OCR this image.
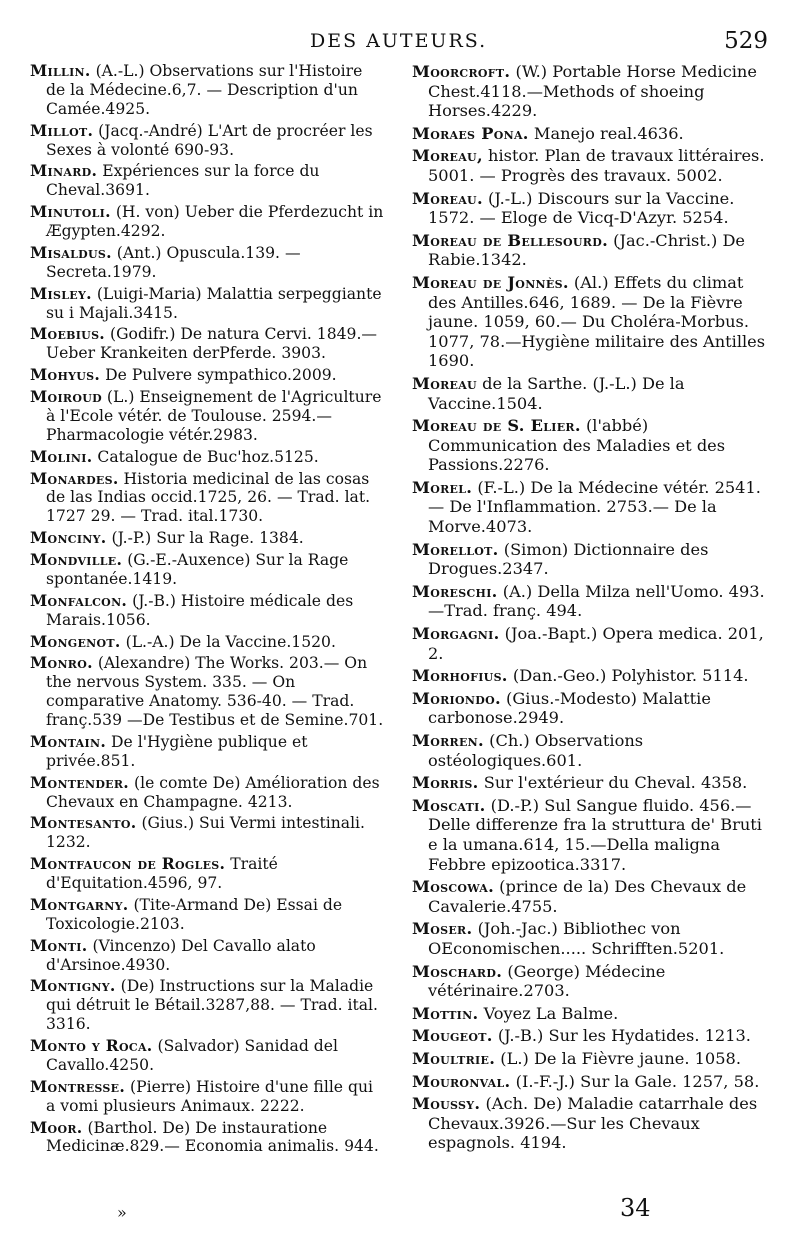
DES AUTEURS.	529

Millin. (A.-L.) Observations sur l'Histoire de la Médecine.6,7. — Description d'un Camée.4925.

Millot. (Jacq.-André) L'Art de procréer les Sexes à volonté 690-93.

Minard. Expériences sur la force du Cheval.3691.

Minutoli. (H. von) Ueber die Pferdezucht in Ægypten.4292.

Misaldus. (Ant.) Opuscula.139. — Secreta.1979.

Misley. (Luigi-Maria) Malattia serpeggiante su i Majali.3415.

Moebius. (Godifr.) De natura Cervi. 1849.—Ueber Krankeiten derPferde. 3903.

Mohyus. De Pulvere sympathico.2009.

Moiroud (L.) Enseignement de l'Agriculture à l'Ecole vétér. de Toulouse. 2594.—Pharmacologie vétér.2983.

Molini. Catalogue de Buc'hoz.5125.

Monardes. Historia medicinal de las cosas de las Indias occid.1725, 26. — Trad. lat. 1727 29. — Trad. ital.1730.

Monciny. (J.-P.) Sur la Rage. 1384.

Mondville. (G.-E.-Auxence) Sur la Rage spontanée.1419.

Monfalcon. (J.-B.) Histoire médicale des Marais.1056.

Mongenot. (L.-A.) De la Vaccine.1520.

Monro. (Alexandre) The Works. 203.— On the nervous System. 335. — On comparative Anatomy. 536-40. — Trad. franç.539 —De Testibus et de Semine.701.

Montain. De l'Hygiène publique et privée.851.

Montender. (le comte De) Amélioration des Chevaux en Champagne. 4213.

Montesanto. (Gius.) Sui Vermi intestinali. 1232.

Montfaucon de Rogles. Traité d'Equitation.4596, 97.

Montgarny. (Tite-Armand De) Essai de Toxicologie.2103.

Monti. (Vincenzo) Del Cavallo alato d'Arsinoe.4930.

Montigny. (De) Instructions sur la Maladie qui détruit le Bétail.3287,88. — Trad. ital. 3316.

Monto y Roca. (Salvador) Sanidad del Cavallo.4250.

Montresse. (Pierre) Histoire d'une fille qui a vomi plusieurs Animaux. 2222.

Moor. (Barthol. De) De instauratione Medicinæ.829.— Economia animalis. 944.

Moorcroft. (W.) Portable Horse Medicine Chest.4118.—Methods of shoeing Horses.4229.

Moraes Pona. Manejo real.4636.

Moreau, histor. Plan de travaux littéraires. 5001. — Progrès des travaux. 5002.

Moreau. (J.-L.) Discours sur la Vaccine. 1572. — Eloge de Vicq-D'Azyr. 5254.

Moreau de Bellesourd. (Jac.-Christ.) De Rabie.1342.

Moreau de Jonnès. (Al.) Effets du climat des Antilles.646, 1689. — De la Fièvre jaune. 1059, 60.— Du Choléra-Morbus. 1077, 78.—Hygiène militaire des Antilles 1690.

Moreau de la Sarthe. (J.-L.) De la Vaccine.1504.

Moreau de S. Elier. (l'abbé) Communication des Maladies et des Passions.2276.

Morel. (F.-L.) De la Médecine vétér. 2541. — De l'Inflammation. 2753.— De la Morve.4073.

Morellot. (Simon) Dictionnaire des Drogues.2347.

Moreschi. (A.) Della Milza nell'Uomo. 493.—Trad. franç. 494.

Morgagni. (Joa.-Bapt.) Opera medica. 201, 2.

Morhofius. (Dan.-Geo.) Polyhistor. 5114.

Moriondo. (Gius.-Modesto) Malattie carbonose.2949.

Morren. (Ch.) Observations ostéologiques.601.

Morris. Sur l'extérieur du Cheval. 4358.

Moscati. (D.-P.) Sul Sangue fluido. 456.—Delle differenze fra la struttura de' Bruti e la umana.614, 15.—Della maligna Febbre epizootica.3317.

Moscowa. (prince de la) Des Chevaux de Cavalerie.4755.

Moser. (Joh.-Jac.) Bibliothec von OEconomischen..... Schrifften.5201.

Moschard. (George) Médecine vétérinaire.2703.

Mottin. Voyez La Balme.

Mougeot. (J.-B.) Sur les Hydatides. 1213.

Moultrie. (L.) De la Fièvre jaune. 1058.

Mouronval. (I.-F.-J.) Sur la Gale. 1257, 58.

Moussy. (Ach. De) Maladie catarrhale des Chevaux.3926.—Sur les Chevaux espagnols. 4194.

»	34
